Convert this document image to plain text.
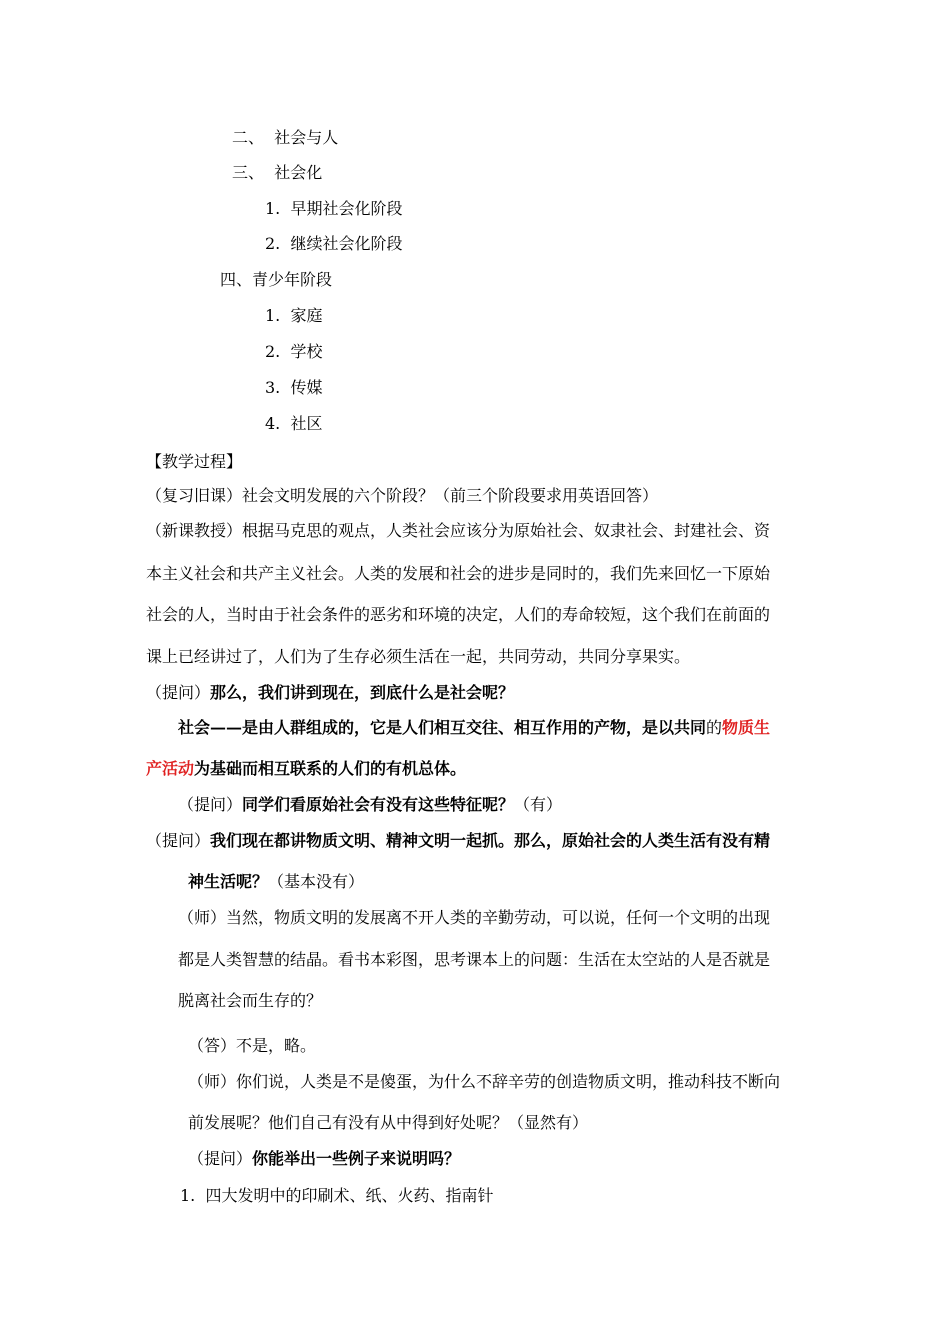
二、 社会与人
三、 社会化
1. 早期社会化阶段
2. 继续社会化阶段
四、青少年阶段
1. 家庭
2. 学校
3. 传媒
4. 社区
【教学过程】
（复习旧课）社会文明发展的六个阶段？（前三个阶段要求用英语回答）
（新课教授）根据马克思的观点，人类社会应该分为原始社会、奴隶社会、封建社会、资
本主义社会和共产主义社会。人类的发展和社会的进步是同时的，我们先来回忆一下原始
社会的人，当时由于社会条件的恶劣和环境的决定，人们的寿命较短，这个我们在前面的
课上已经讲过了，人们为了生存必须生活在一起，共同劳动，共同分享果实。
（提问）那么，我们讲到现在，到底什么是社会呢？
社会——是由人群组成的，它是人们相互交往、相互作用的产物，是以共同的物质生
产活动为基础而相互联系的人们的有机总体。
（提问）同学们看原始社会有没有这些特征呢？（有）
（提问）我们现在都讲物质文明、精神文明一起抓。那么，原始社会的人类生活有没有精
神生活呢？（基本没有）
（师）当然，物质文明的发展离不开人类的辛勤劳动，可以说，任何一个文明的出现
都是人类智慧的结晶。看书本彩图，思考课本上的问题：生活在太空站的人是否就是
脱离社会而生存的？
（答）不是，略。
（师）你们说，人类是不是傻蛋，为什么不辞辛劳的创造物质文明，推动科技不断向
前发展呢？他们自己有没有从中得到好处呢？（显然有）
（提问）你能举出一些例子来说明吗？
1. 四大发明中的印刷术、纸、火药、指南针
